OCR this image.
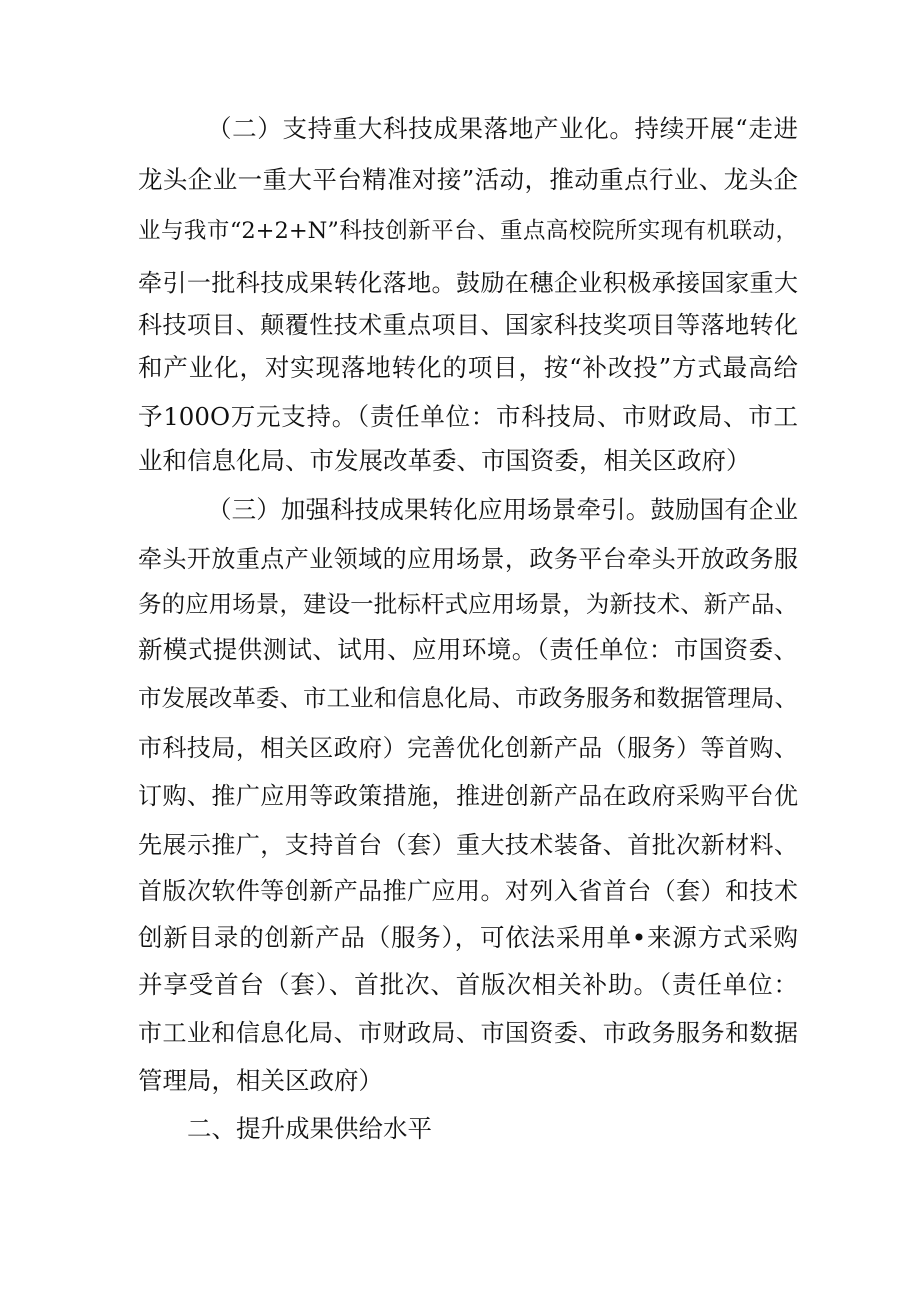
（二）支持重大科技成果落地产业化。持续开展“走进
龙头企业一重大平台精准对接”活动，推动重点行业、龙头企
业与我市“2+2+N”科技创新平台、重点高校院所实现有机联动，
牵引一批科技成果转化落地。鼓励在穗企业积极承接国家重大
科技项目、颠覆性技术重点项目、国家科技奖项目等落地转化
和产业化，对实现落地转化的项目，按“补改投”方式最高给
予100O万元支持。（责任单位：市科技局、市财政局、市工
业和信息化局、市发展改革委、市国资委，相关区政府）
（三）加强科技成果转化应用场景牵引。鼓励国有企业
牵头开放重点产业领域的应用场景，政务平台牵头开放政务服
务的应用场景，建设一批标杆式应用场景，为新技术、新产品、
新模式提供测试、试用、应用环境。（责任单位：市国资委、
市发展改革委、市工业和信息化局、市政务服务和数据管理局、
市科技局，相关区政府）完善优化创新产品（服务）等首购、
订购、推广应用等政策措施，推进创新产品在政府采购平台优
先展示推广，支持首台（套）重大技术装备、首批次新材料、
首版次软件等创新产品推广应用。对列入省首台（套）和技术
创新目录的创新产品（服务），可依法采用单•来源方式采购
并享受首台（套）、首批次、首版次相关补助。（责任单位：
市工业和信息化局、市财政局、市国资委、市政务服务和数据
管理局，相关区政府）
二、提升成果供给水平
